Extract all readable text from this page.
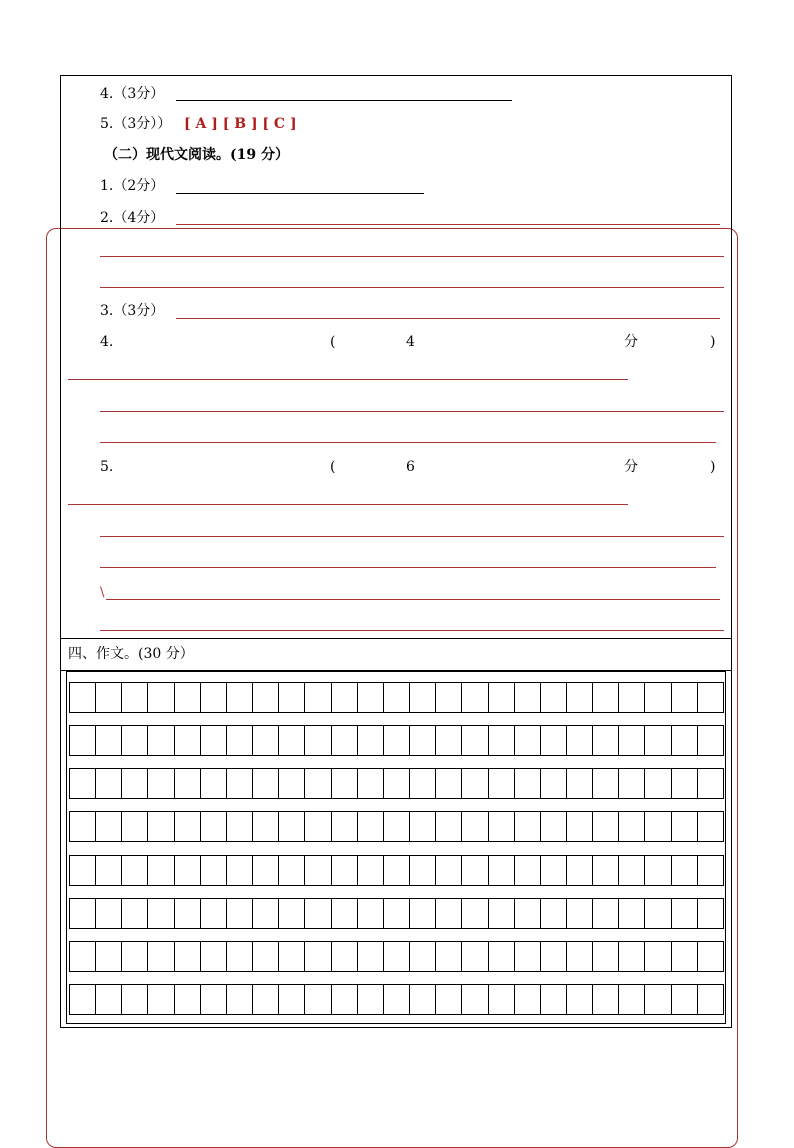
4.（3分）
5.（3分）） [ A ] [ B ] [ C ]
（二）现代文阅读。(19 分）
1.（2分）
2.（4分）
3.（3分）
4.	(	4	分	)
5.	(	6	分	)
\
四、作文。(30 分）
